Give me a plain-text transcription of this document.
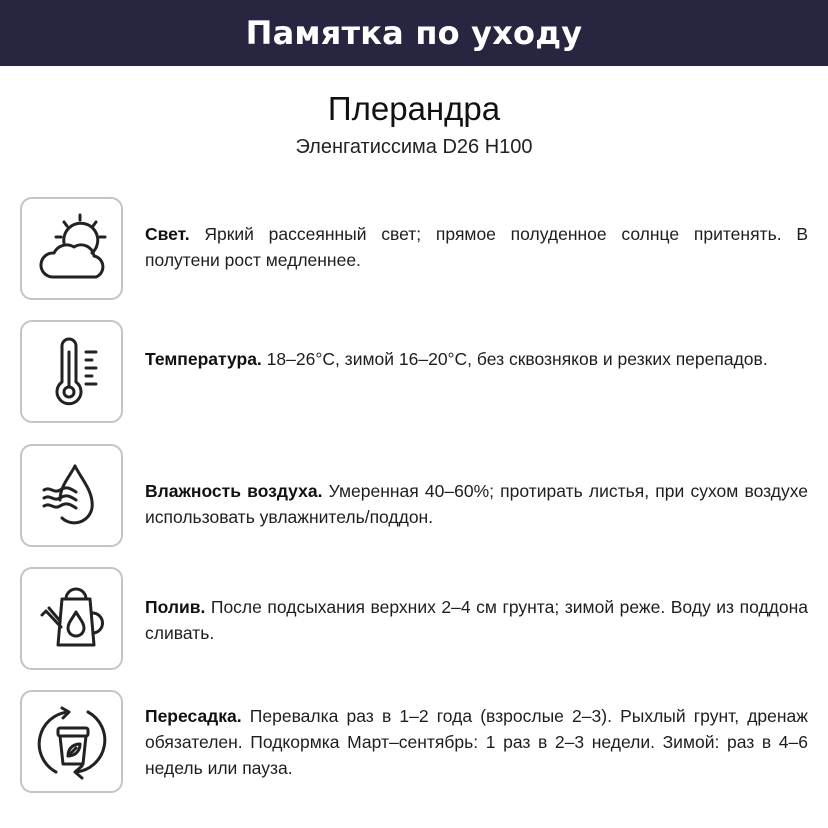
Памятка по уходу
Плерандра
Эленгатиссима D26 H100
Свет. Яркий рассеянный свет; прямое полуденное солнце притенять. В полутени рост медленнее.
Температура. 18–26°C, зимой 16–20°C, без сквозняков и резких перепадов.
Влажность воздуха. Умеренная 40–60%; протирать листья, при сухом воздухе использовать увлажнитель/поддон.
Полив. После подсыхания верхних 2–4 см грунта; зимой реже. Воду из поддона сливать.
Пересадка. Перевалка раз в 1–2 года (взрослые 2–3). Рыхлый грунт, дренаж обязателен. Подкормка Март–сентябрь: 1 раз в 2–3 недели. Зимой: раз в 4–6 недель или пауза.
